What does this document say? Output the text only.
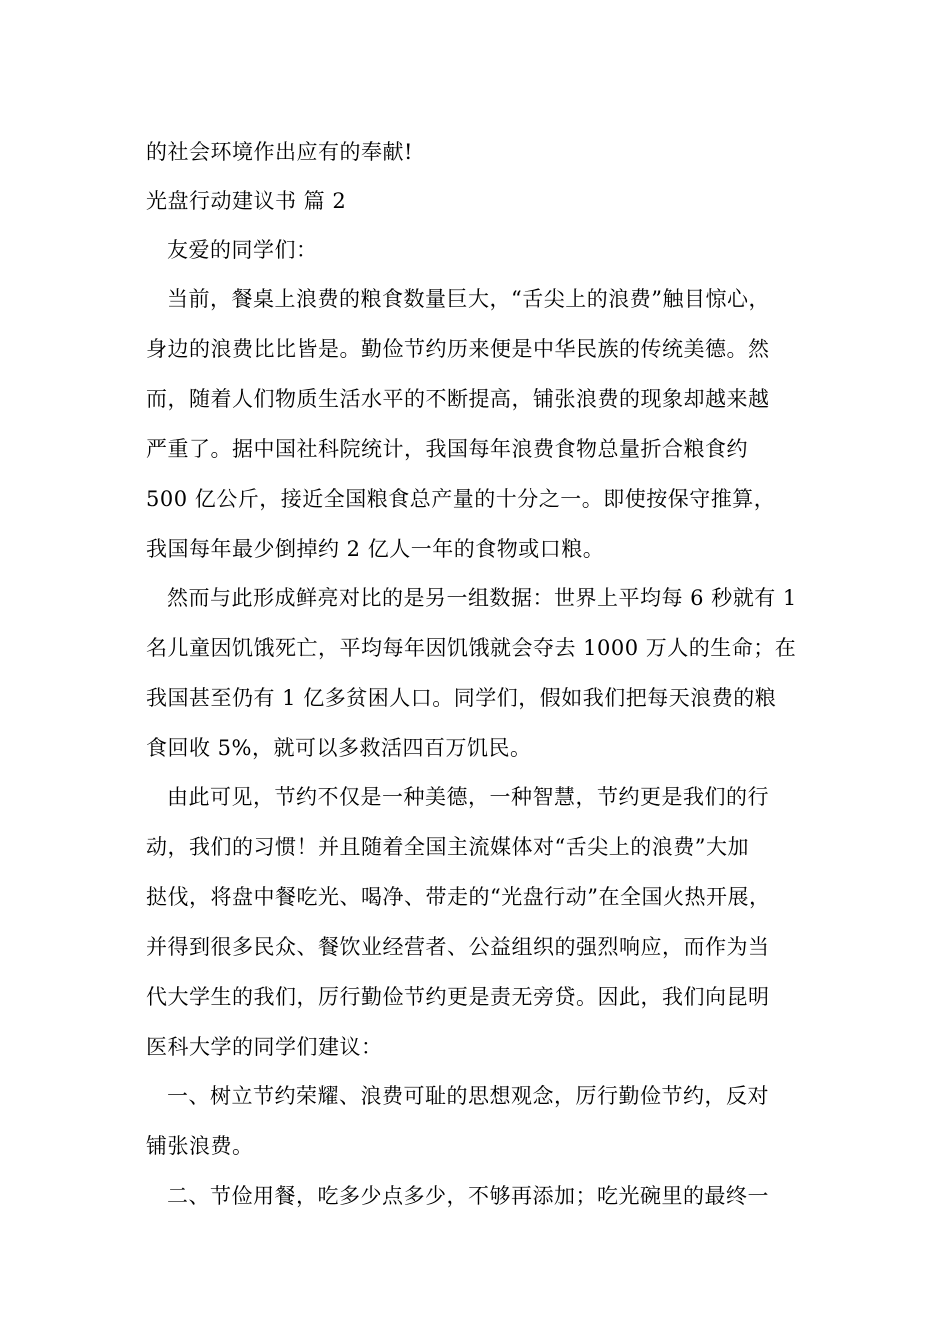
的社会环境作出应有的奉献!
光盘行动建议书 篇 2
友爱的同学们：
当前，餐桌上浪费的粮食数量巨大，“舌尖上的浪费”触目惊心，
身边的浪费比比皆是。勤俭节约历来便是中华民族的传统美德。然
而，随着人们物质生活水平的不断提高，铺张浪费的现象却越来越
严重了。据中国社科院统计，我国每年浪费食物总量折合粮食约
500 亿公斤，接近全国粮食总产量的十分之一。即使按保守推算，
我国每年最少倒掉约 2 亿人一年的食物或口粮。
然而与此形成鲜亮对比的是另一组数据：世界上平均每 6 秒就有 1
名儿童因饥饿死亡，平均每年因饥饿就会夺去 1000 万人的生命；在
我国甚至仍有 1 亿多贫困人口。同学们，假如我们把每天浪费的粮
食回收 5%，就可以多救活四百万饥民。
由此可见，节约不仅是一种美德，一种智慧，节约更是我们的行
动，我们的习惯！并且随着全国主流媒体对“舌尖上的浪费”大加
挞伐，将盘中餐吃光、喝净、带走的“光盘行动”在全国火热开展，
并得到很多民众、餐饮业经营者、公益组织的强烈响应，而作为当
代大学生的我们，厉行勤俭节约更是责无旁贷。因此，我们向昆明
医科大学的同学们建议：
一、树立节约荣耀、浪费可耻的思想观念，厉行勤俭节约，反对
铺张浪费。
二、节俭用餐，吃多少点多少，不够再添加；吃光碗里的最终一
